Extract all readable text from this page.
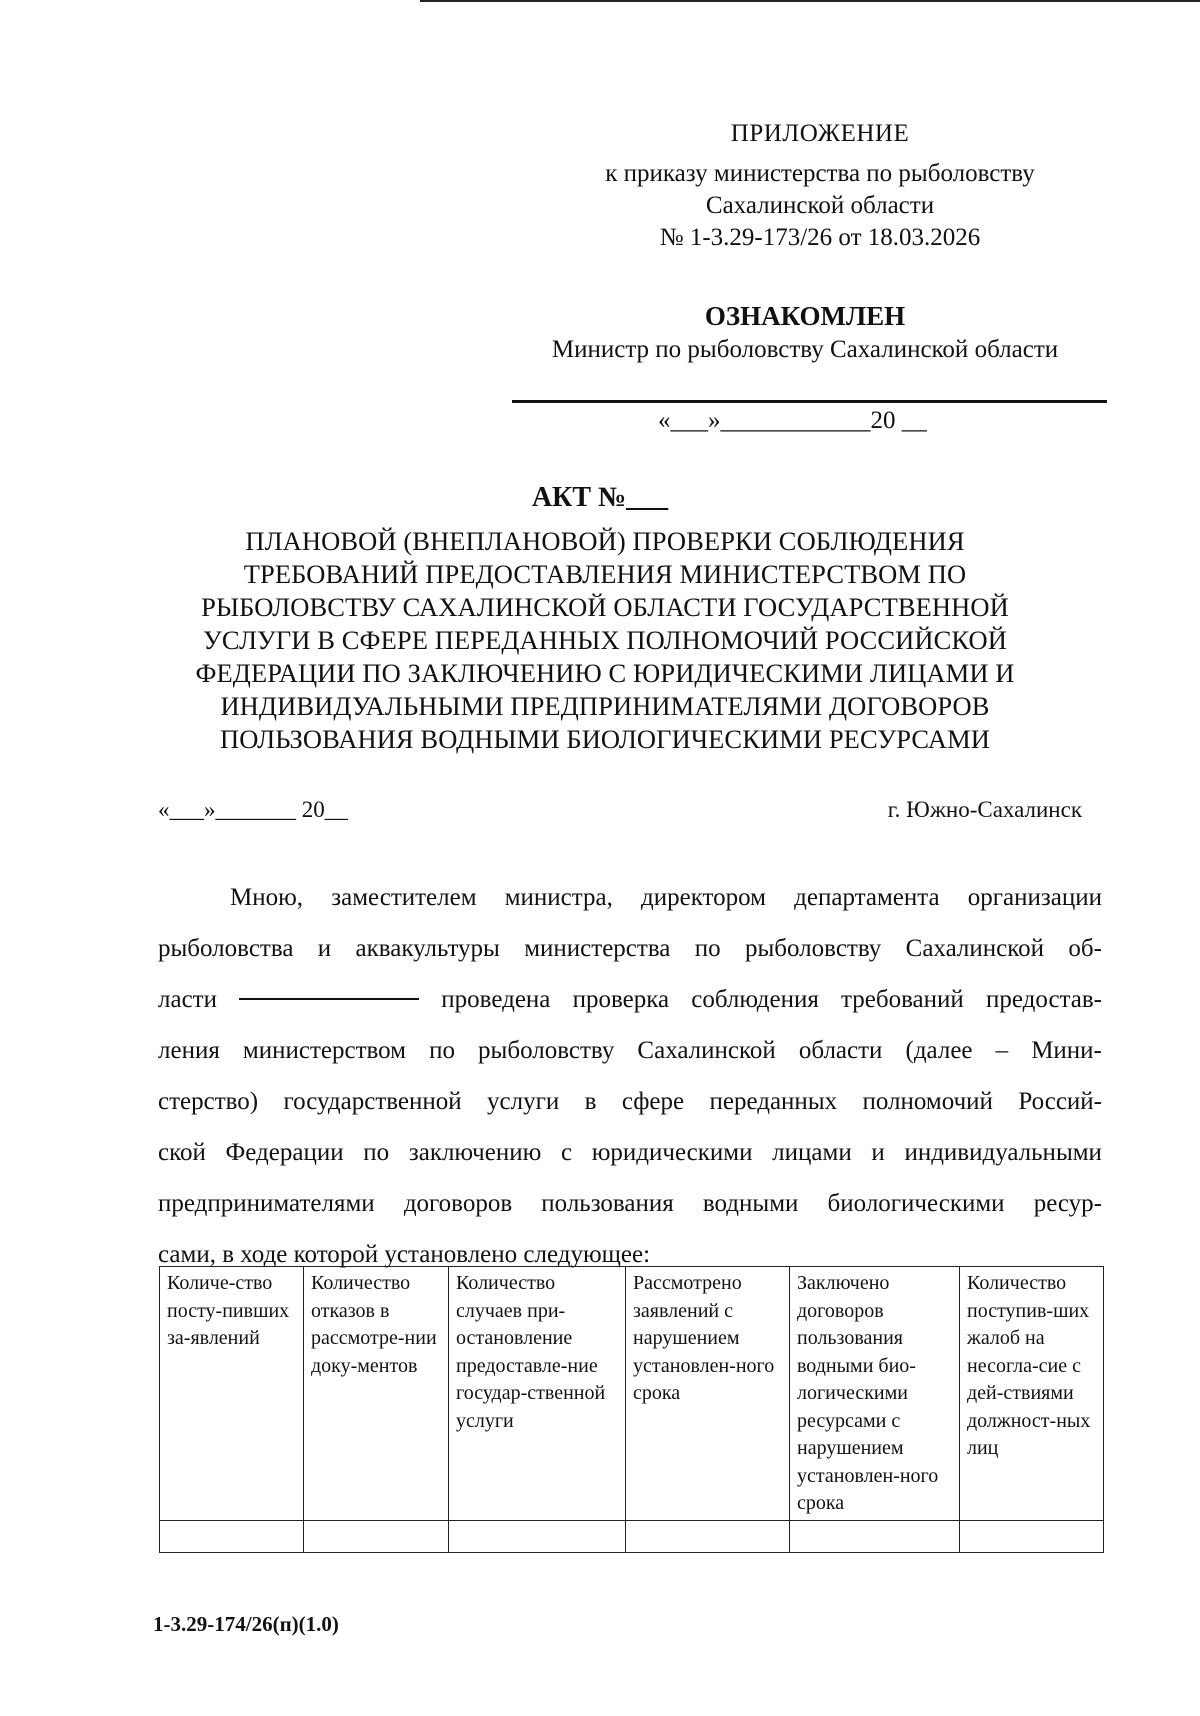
ПРИЛОЖЕНИЕ
к приказу министерства по рыболовству
Сахалинской области
№ 1-3.29-173/26 от 18.03.2026
ОЗНАКОМЛЕН
Министр по рыболовству Сахалинской области
«___»____________20 __
АКТ №___
ПЛАНОВОЙ (ВНЕПЛАНОВОЙ) ПРОВЕРКИ СОБЛЮДЕНИЯ
ТРЕБОВАНИЙ ПРЕДОСТАВЛЕНИЯ МИНИСТЕРСТВОМ ПО
РЫБОЛОВСТВУ САХАЛИНСКОЙ ОБЛАСТИ ГОСУДАРСТВЕННОЙ
УСЛУГИ В СФЕРЕ ПЕРЕДАННЫХ ПОЛНОМОЧИЙ РОССИЙСКОЙ
ФЕДЕРАЦИИ ПО ЗАКЛЮЧЕНИЮ С ЮРИДИЧЕСКИМИ ЛИЦАМИ И
ИНДИВИДУАЛЬНЫМИ ПРЕДПРИНИМАТЕЛЯМИ ДОГОВОРОВ
ПОЛЬЗОВАНИЯ ВОДНЫМИ БИОЛОГИЧЕСКИМИ РЕСУРСАМИ
«___»_______ 20__	г. Южно-Сахалинск
Мною, заместителем министра, директором департамента организации
рыболовства и аквакультуры министерства по рыболовству Сахалинской об-
ласти	проведена проверка соблюдения требований предостав-
ления министерством по рыболовству Сахалинской области (далее – Мини-
стерство) государственной услуги в сфере переданных полномочий Россий-
ской Федерации по заключению с юридическими лицами и индивидуальными
предпринимателями договоров пользования водными биологическими ресур-
сами, в ходе которой установлено следующее:
Количе-ство посту-пивших за-явлений	Количество отказов в рассмотре-нии доку-ментов	Количество случаев при-остановление предоставле-ние государ-ственной услуги	Рассмотрено заявлений с нарушением установлен-ного срока	Заключено договоров пользования водными био-логическими ресурсами с нарушением установлен-ного срока	Количество поступив-ших жалоб на несогла-сие с дей-ствиями должност-ных лиц

1-3.29-174/26(п)(1.0)
